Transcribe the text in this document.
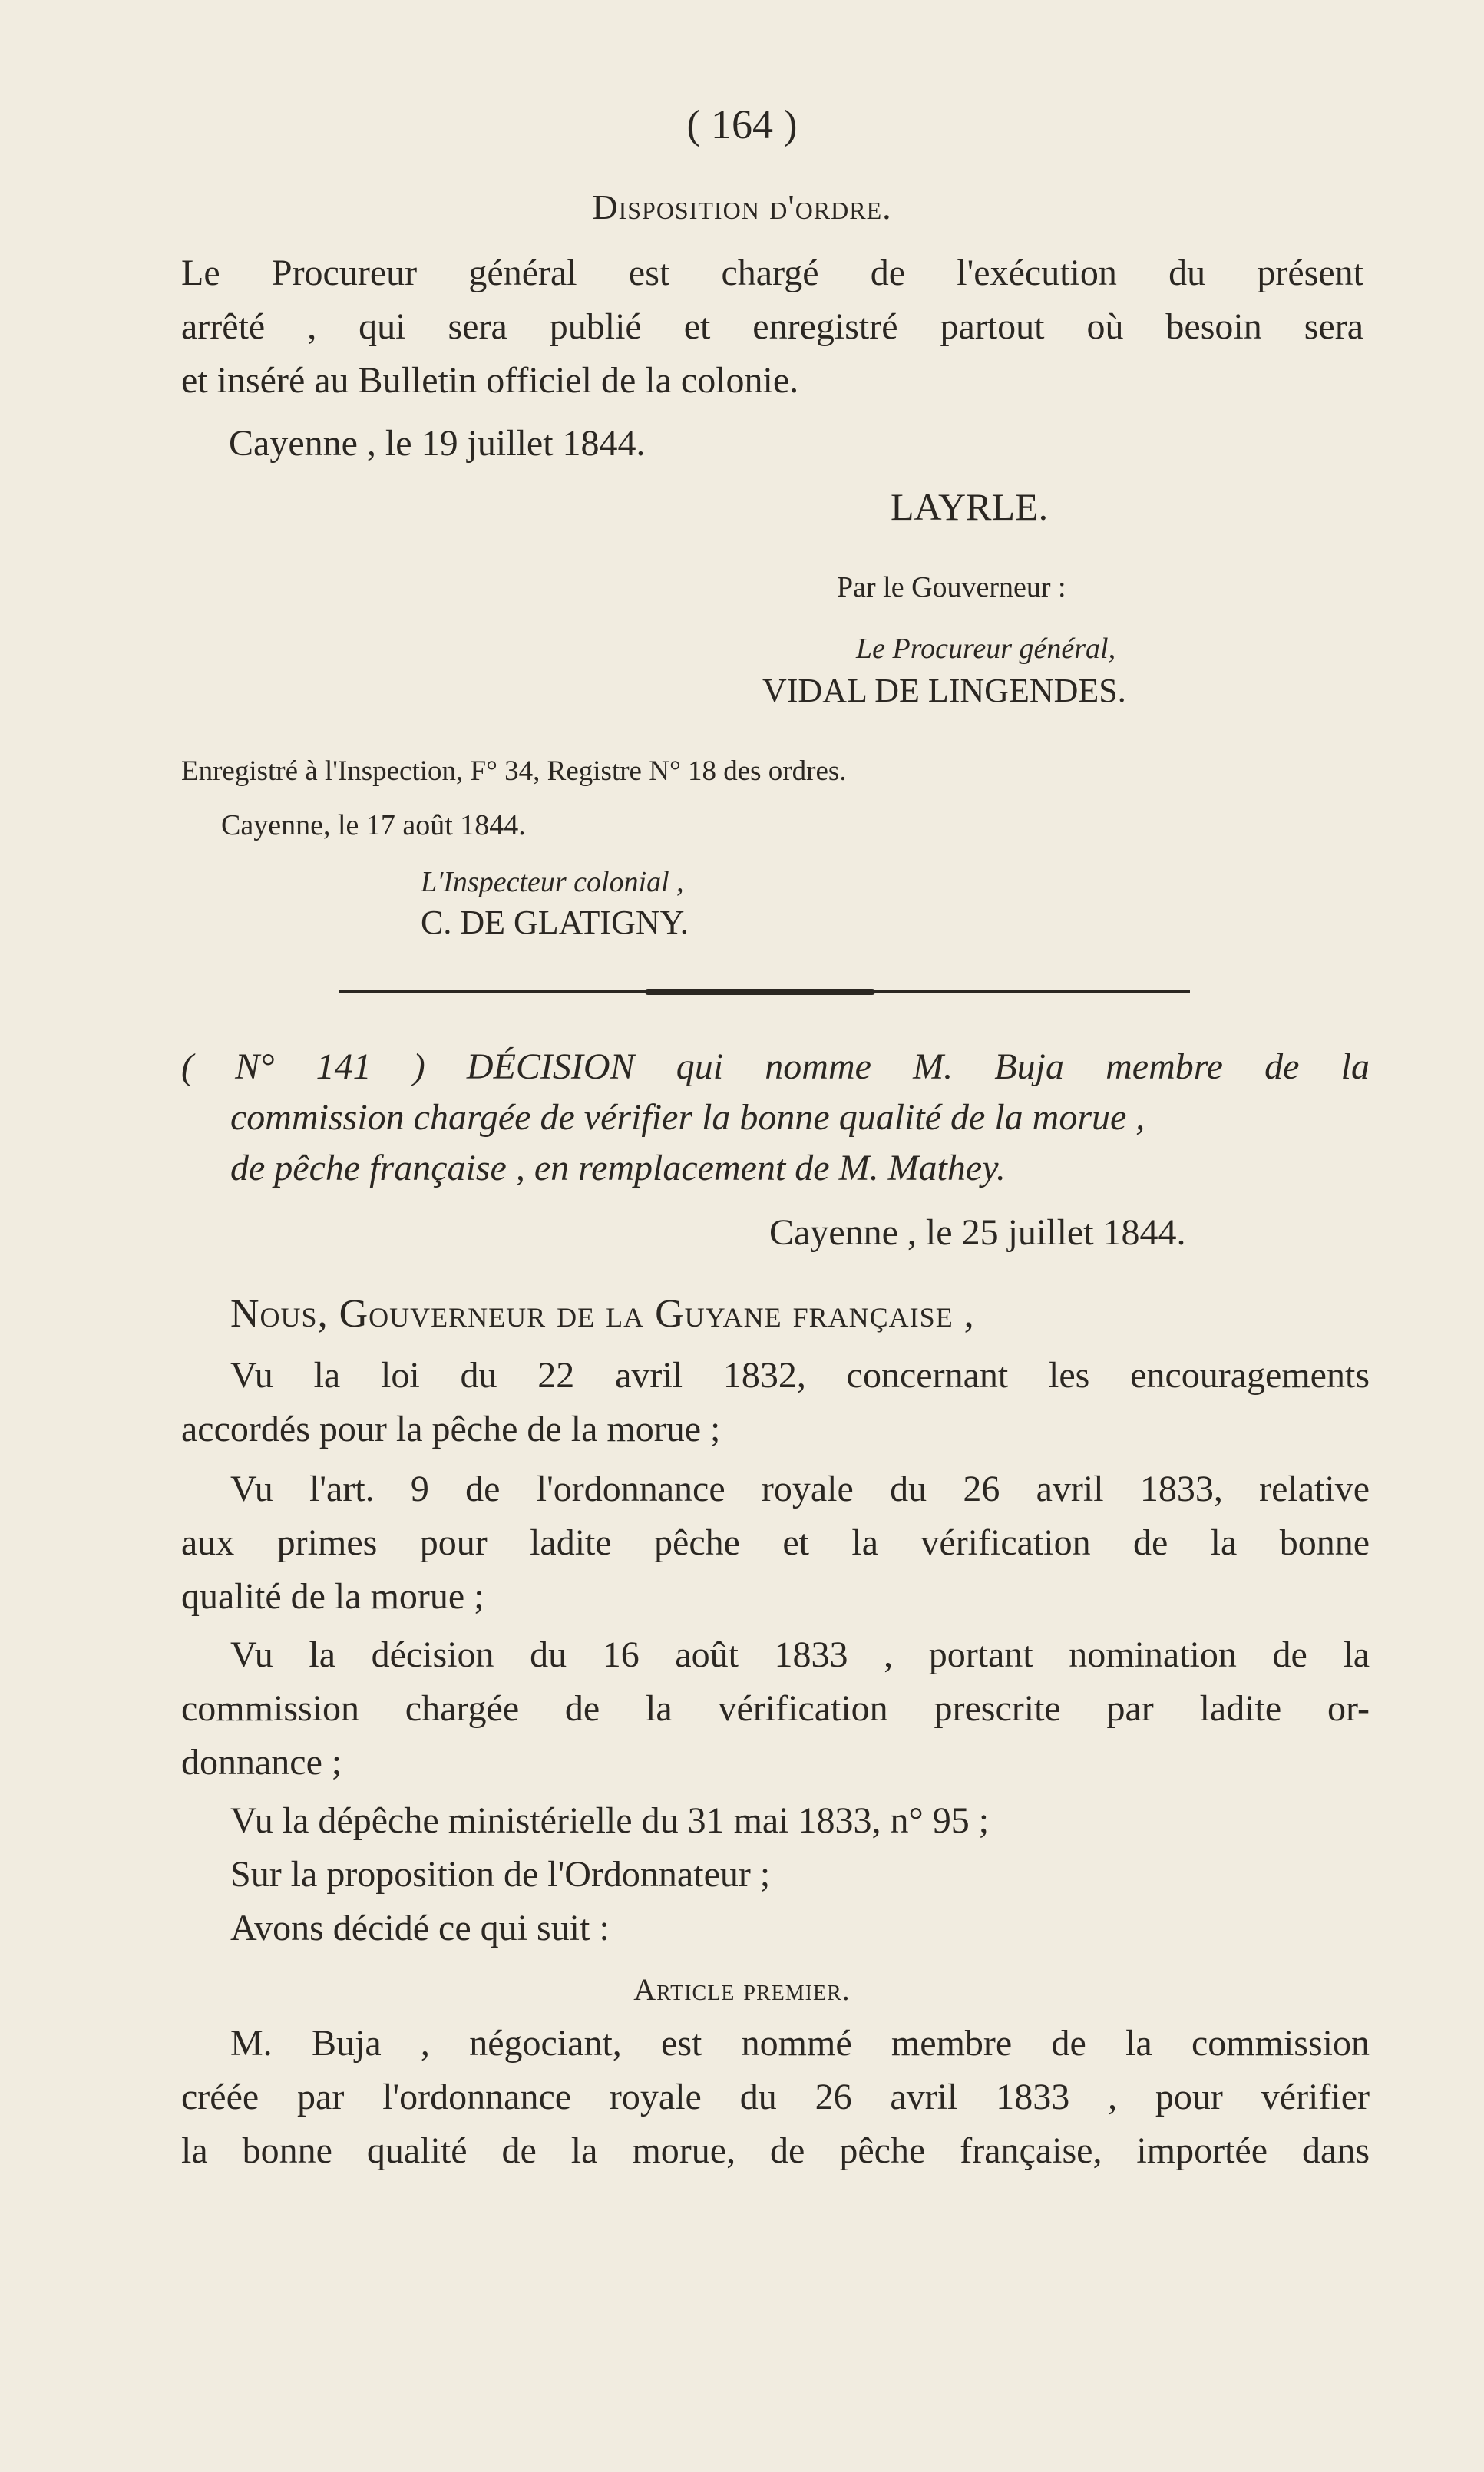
( 164 )
Disposition d'ordre.
Le Procureur général est chargé de l'exécution du présent
arrêté , qui sera publié et enregistré partout où besoin sera
et inséré au Bulletin officiel de la colonie.
Cayenne , le 19 juillet 1844.
LAYRLE.
Par le Gouverneur :
Le Procureur général,
VIDAL DE LINGENDES.
Enregistré à l'Inspection, F° 34, Registre N° 18 des ordres.
Cayenne, le 17 août 1844.
L'Inspecteur colonial ,
C. DE GLATIGNY.
( N° 141 ) DÉCISION qui nomme M. Buja membre de la
commission chargée de vérifier la bonne qualité de la morue ,
de pêche française , en remplacement de M. Mathey.
Cayenne , le 25 juillet 1844.
Nous, Gouverneur de la Guyane française ,
Vu la loi du 22 avril 1832, concernant les encouragements
accordés pour la pêche de la morue ;
Vu l'art. 9 de l'ordonnance royale du 26 avril 1833, relative
aux primes pour ladite pêche et la vérification de la bonne
qualité de la morue ;
Vu la décision du 16 août 1833 , portant nomination de la
commission chargée de la vérification prescrite par ladite or-
donnance ;
Vu la dépêche ministérielle du 31 mai 1833, n° 95 ;
Sur la proposition de l'Ordonnateur ;
Avons décidé ce qui suit :
Article premier.
M. Buja , négociant, est nommé membre de la commission
créée par l'ordonnance royale du 26 avril 1833 , pour vérifier
la bonne qualité de la morue, de pêche française, importée dans
